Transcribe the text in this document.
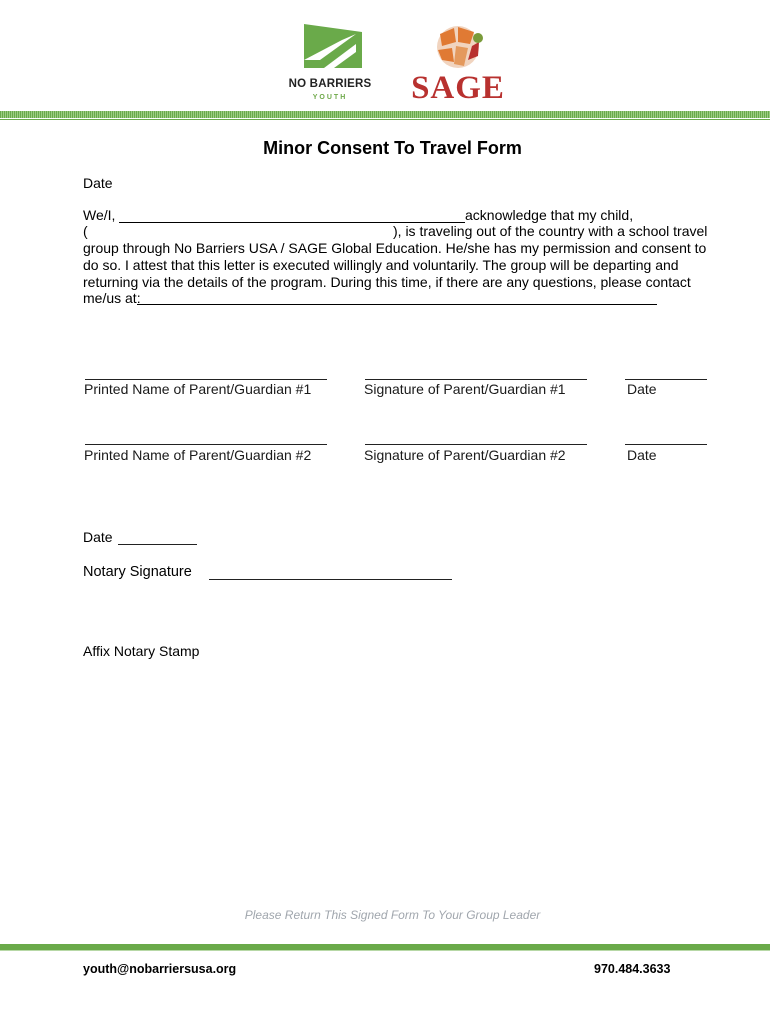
NO BARRIERS
YOUTH	SAGE
Minor Consent To Travel Form
Date
We/I,	acknowledge that my child,
(	), is traveling out of the country with a school travel
group through No Barriers USA / SAGE Global Education. He/she has my permission and consent to
do so. I attest that this letter is executed willingly and voluntarily. The group will be departing and
returning via the details of the program. During this time, if there are any questions, please contact
me/us at:
Printed Name of Parent/Guardian #1	Signature of Parent/Guardian #1	Date
Printed Name of Parent/Guardian #2	Signature of Parent/Guardian #2	Date
Date
Notary Signature
Affix Notary Stamp
Please Return This Signed Form To Your Group Leader
youth@nobarriersusa.org	970.484.3633
